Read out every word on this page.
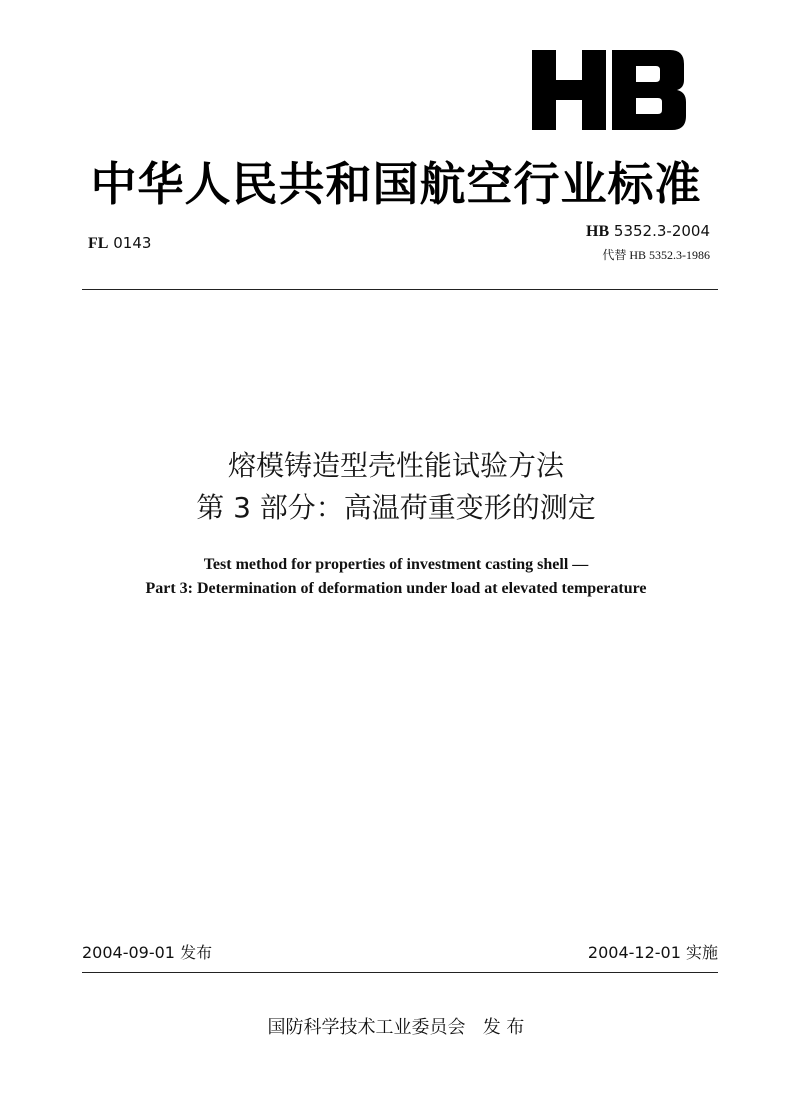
中华人民共和国航空行业标准
FL 0143
HB 5352.3-2004
代替 HB 5352.3-1986
熔模铸造型壳性能试验方法
第 3 部分：高温荷重变形的测定
Test method for properties of investment casting shell —
Part 3: Determination of deformation under load at elevated temperature
2004-09-01 发布	2004-12-01 实施
国防科学技术工业委员会   发 布
